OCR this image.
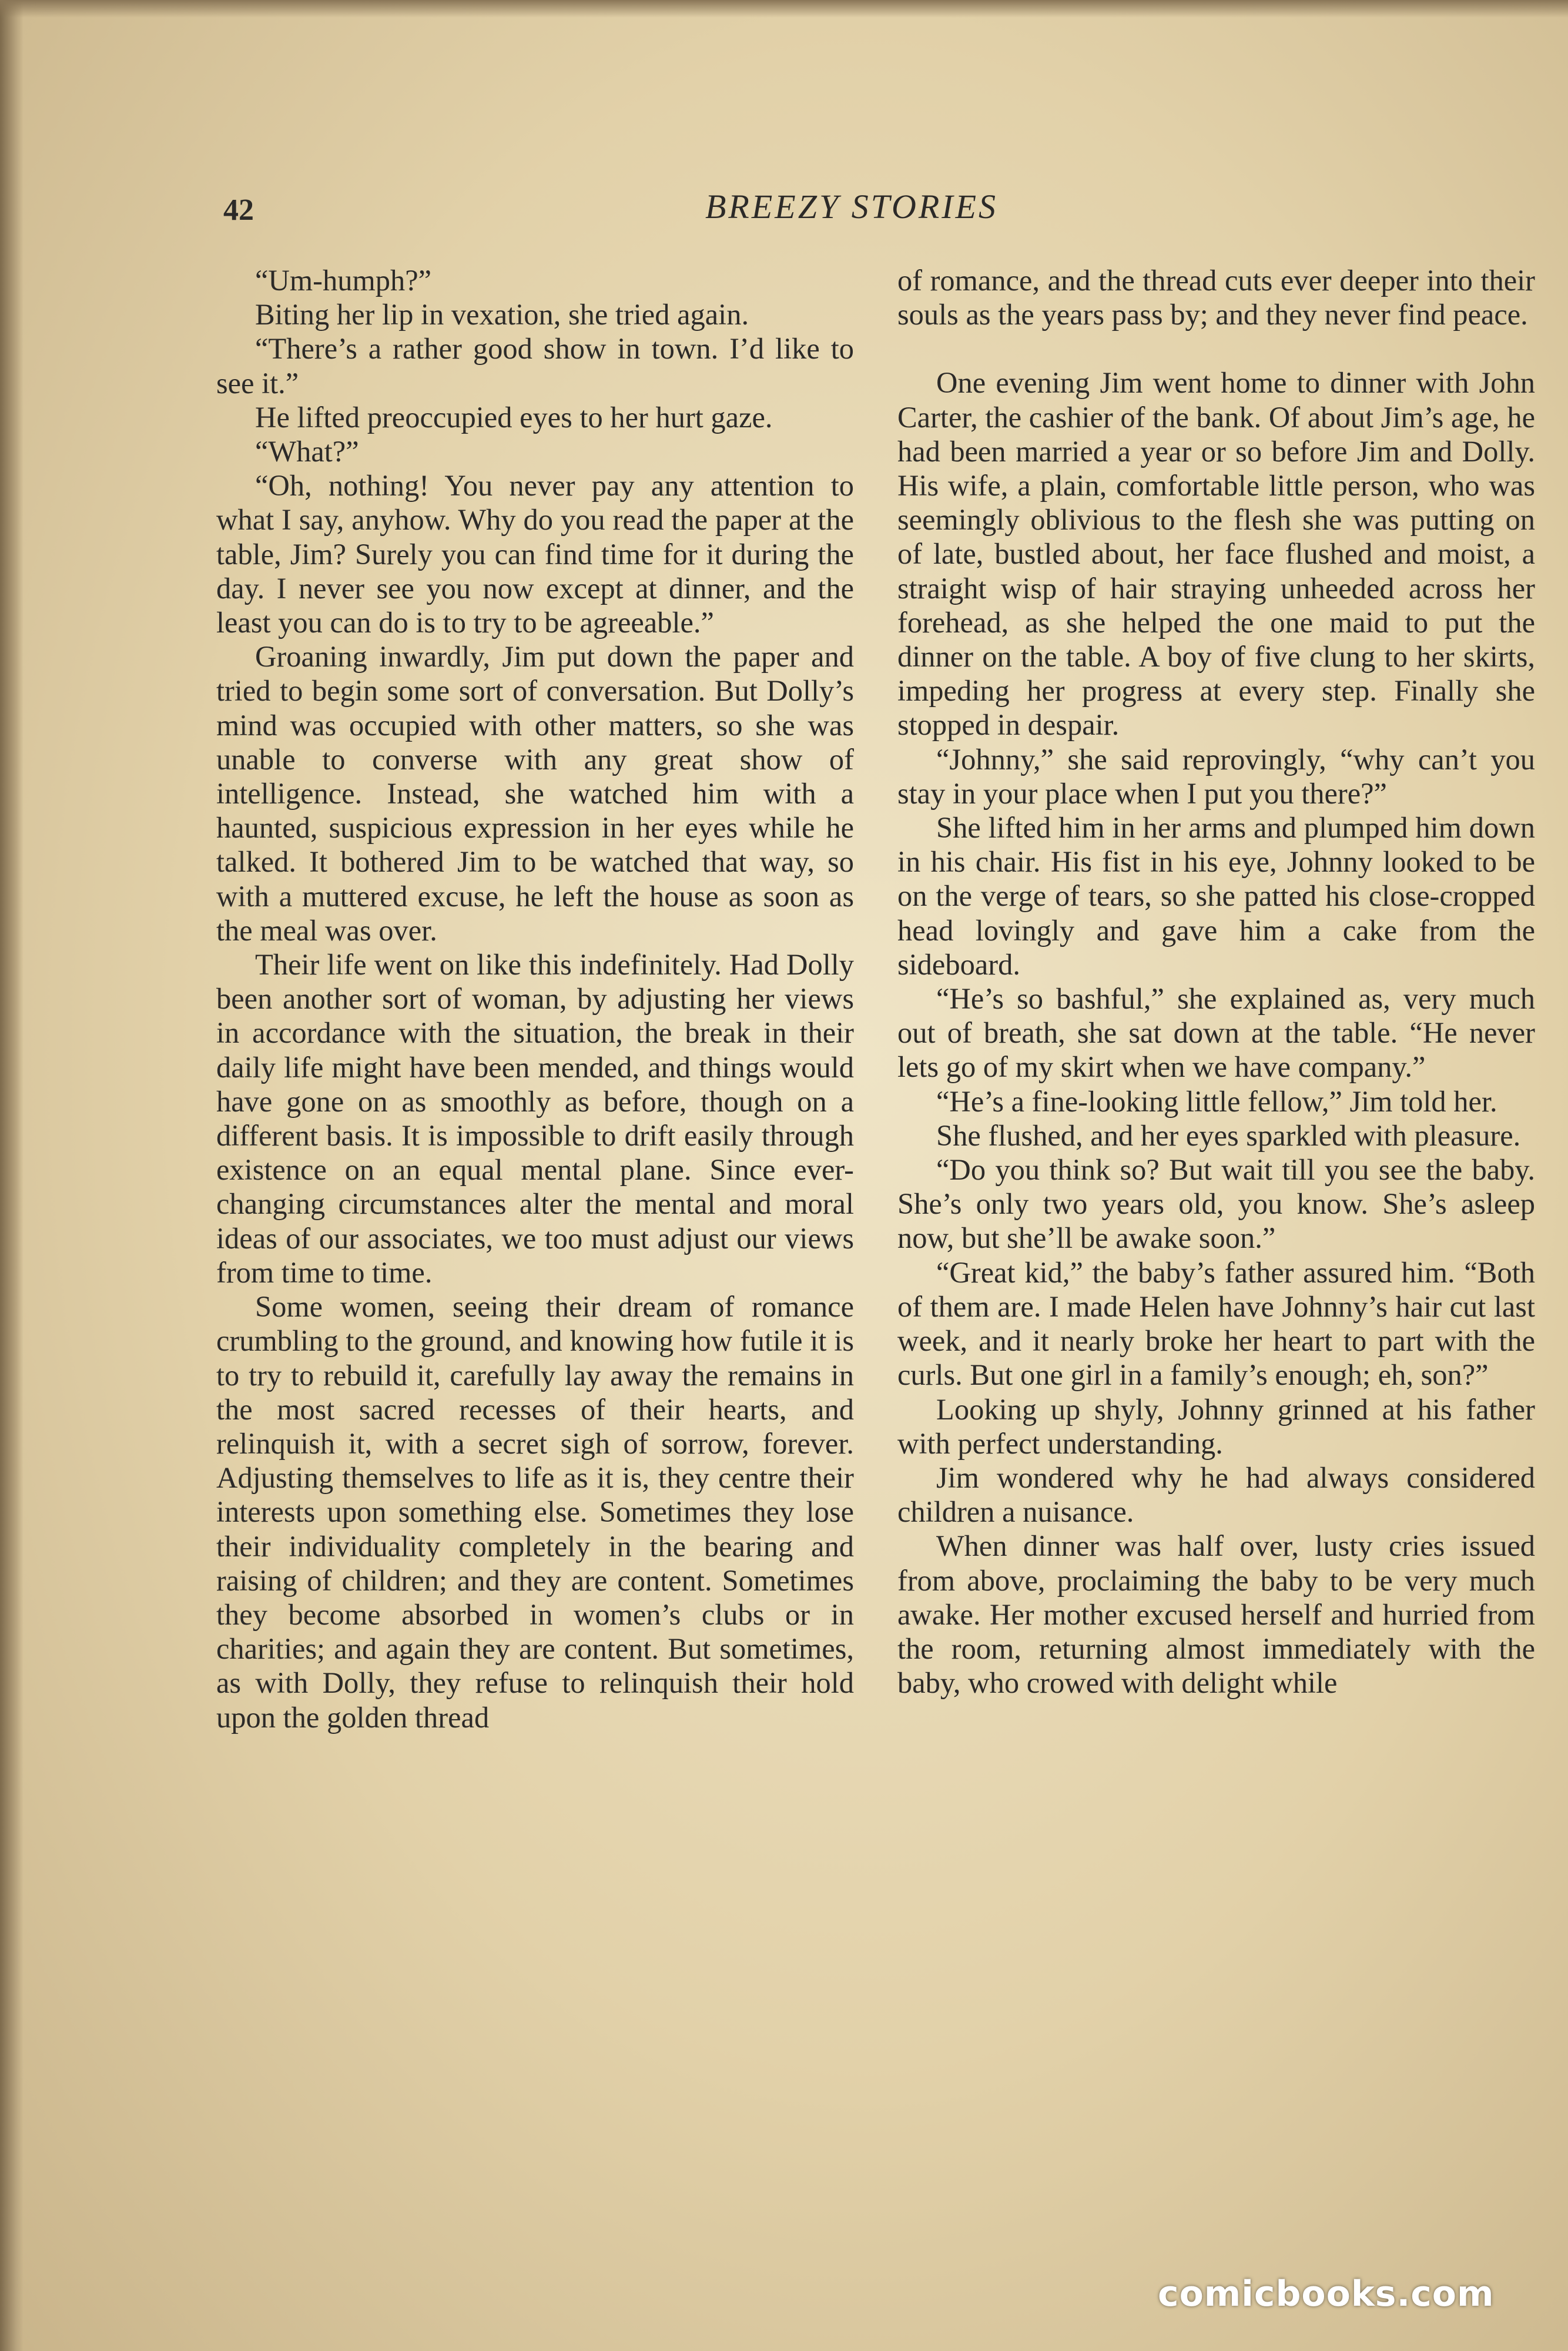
42	BREEZY STORIES

“Um-humph?”

Biting her lip in vexation, she tried again.

“There’s a rather good show in town. I’d like to see it.”

He lifted preoccupied eyes to her hurt gaze.

“What?”

“Oh, nothing! You never pay any attention to what I say, anyhow. Why do you read the paper at the table, Jim? Surely you can find time for it during the day. I never see you now except at dinner, and the least you can do is to try to be agreeable.”

Groaning inwardly, Jim put down the paper and tried to begin some sort of conversation. But Dolly’s mind was occupied with other matters, so she was unable to converse with any great show of intelligence. Instead, she watched him with a haunted, suspicious expression in her eyes while he talked. It bothered Jim to be watched that way, so with a muttered excuse, he left the house as soon as the meal was over.

Their life went on like this indefinitely. Had Dolly been another sort of woman, by adjusting her views in accordance with the situation, the break in their daily life might have been mended, and things would have gone on as smoothly as before, though on a different basis. It is impossible to drift easily through existence on an equal mental plane. Since ever-changing circumstances alter the mental and moral ideas of our associates, we too must adjust our views from time to time.

Some women, seeing their dream of romance crumbling to the ground, and knowing how futile it is to try to rebuild it, carefully lay away the remains in the most sacred recesses of their hearts, and relinquish it, with a secret sigh of sorrow, forever. Adjusting themselves to life as it is, they centre their interests upon something else. Sometimes they lose their individuality completely in the bearing and raising of children; and they are content. Sometimes they become absorbed in women’s clubs or in charities; and again they are content. But sometimes, as with Dolly, they refuse to relinquish their hold upon the golden thread

of romance, and the thread cuts ever deeper into their souls as the years pass by; and they never find peace.

One evening Jim went home to dinner with John Carter, the cashier of the bank. Of about Jim’s age, he had been married a year or so before Jim and Dolly. His wife, a plain, comfortable little person, who was seemingly oblivious to the flesh she was putting on of late, bustled about, her face flushed and moist, a straight wisp of hair straying unheeded across her forehead, as she helped the one maid to put the dinner on the table. A boy of five clung to her skirts, impeding her progress at every step. Finally she stopped in despair.

“Johnny,” she said reprovingly, “why can’t you stay in your place when I put you there?”

She lifted him in her arms and plumped him down in his chair. His fist in his eye, Johnny looked to be on the verge of tears, so she patted his close-cropped head lovingly and gave him a cake from the sideboard.

“He’s so bashful,” she explained as, very much out of breath, she sat down at the table. “He never lets go of my skirt when we have company.”

“He’s a fine-looking little fellow,” Jim told her.

She flushed, and her eyes sparkled with pleasure.

“Do you think so? But wait till you see the baby. She’s only two years old, you know. She’s asleep now, but she’ll be awake soon.”

“Great kid,” the baby’s father assured him. “Both of them are. I made Helen have Johnny’s hair cut last week, and it nearly broke her heart to part with the curls. But one girl in a family’s enough; eh, son?”

Looking up shyly, Johnny grinned at his father with perfect understanding.

Jim wondered why he had always considered children a nuisance.

When dinner was half over, lusty cries issued from above, proclaiming the baby to be very much awake. Her mother excused herself and hurried from the room, returning almost immediately with the baby, who crowed with delight while

comicbooks.com
